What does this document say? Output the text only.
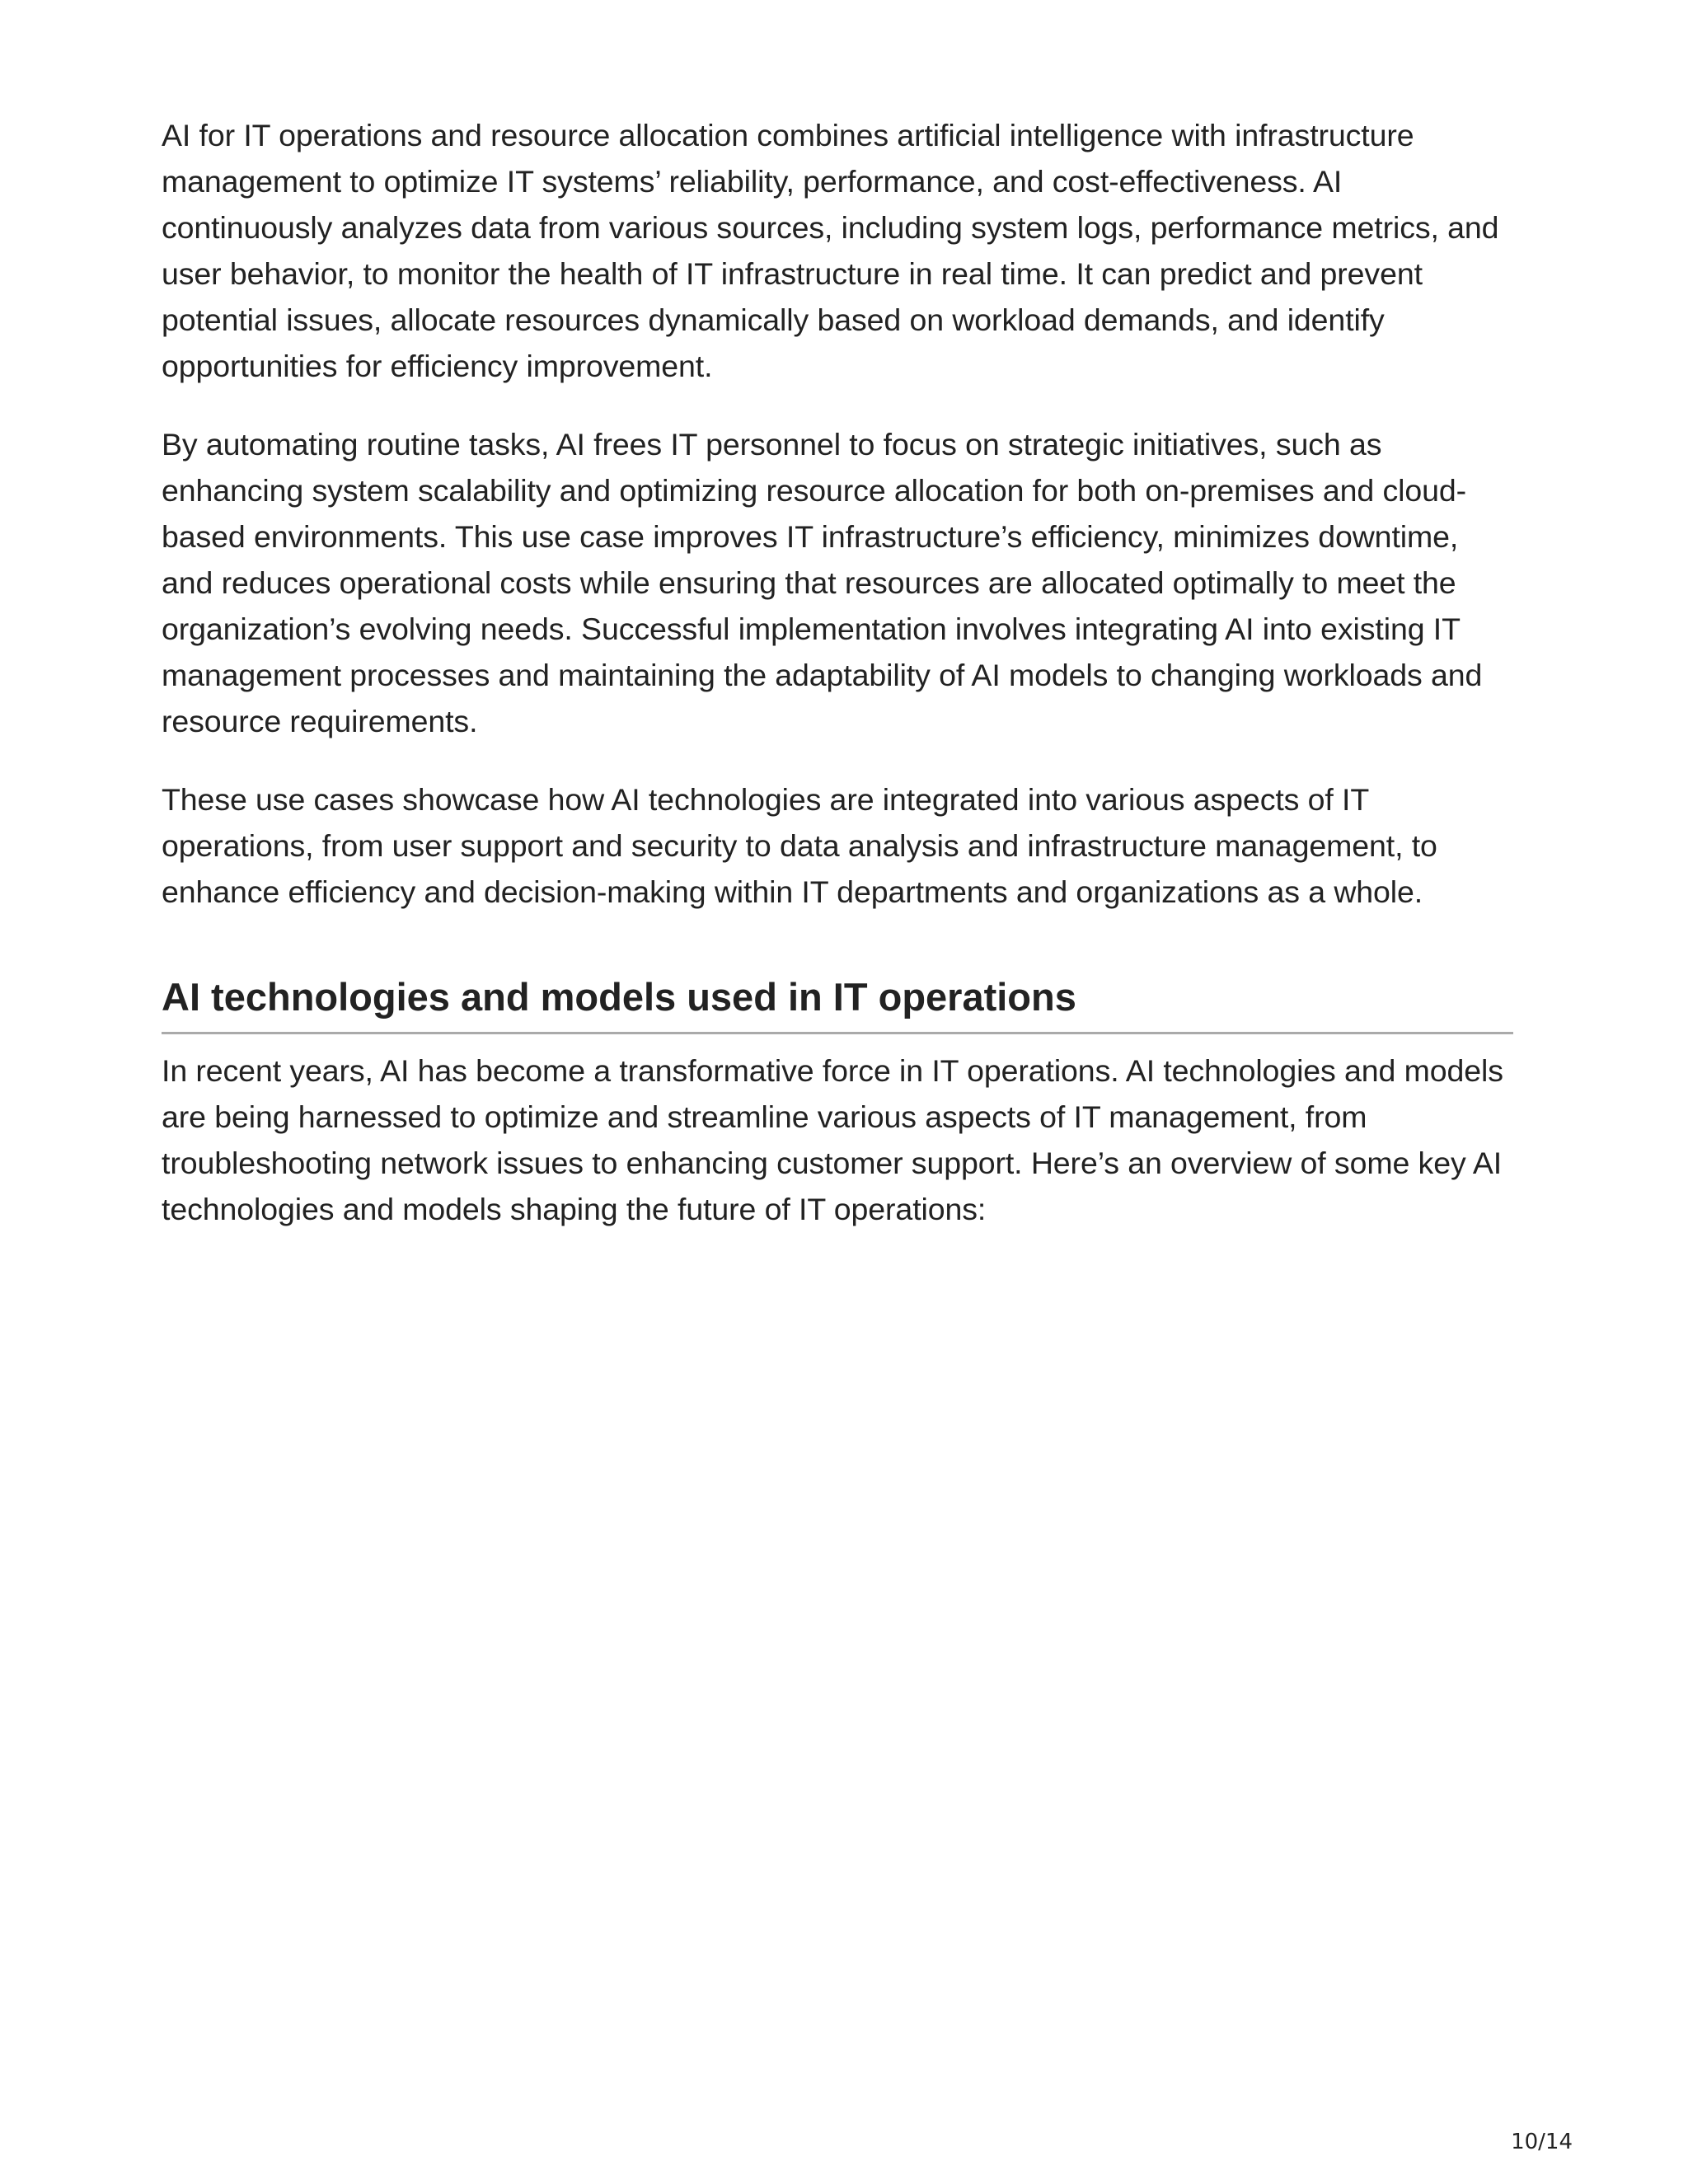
AI for IT operations and resource allocation combines artificial intelligence with infrastructure management to optimize IT systems’ reliability, performance, and cost-effectiveness. AI continuously analyzes data from various sources, including system logs, performance metrics, and user behavior, to monitor the health of IT infrastructure in real time. It can predict and prevent potential issues, allocate resources dynamically based on workload demands, and identify opportunities for efficiency improvement.

By automating routine tasks, AI frees IT personnel to focus on strategic initiatives, such as enhancing system scalability and optimizing resource allocation for both on-premises and cloud-based environments. This use case improves IT infrastructure’s efficiency, minimizes downtime, and reduces operational costs while ensuring that resources are allocated optimally to meet the organization’s evolving needs. Successful implementation involves integrating AI into existing IT management processes and maintaining the adaptability of AI models to changing workloads and resource requirements.

These use cases showcase how AI technologies are integrated into various aspects of IT operations, from user support and security to data analysis and infrastructure management, to enhance efficiency and decision-making within IT departments and organizations as a whole.

AI technologies and models used in IT operations

In recent years, AI has become a transformative force in IT operations. AI technologies and models are being harnessed to optimize and streamline various aspects of IT management, from troubleshooting network issues to enhancing customer support. Here’s an overview of some key AI technologies and models shaping the future of IT operations:

10/14
